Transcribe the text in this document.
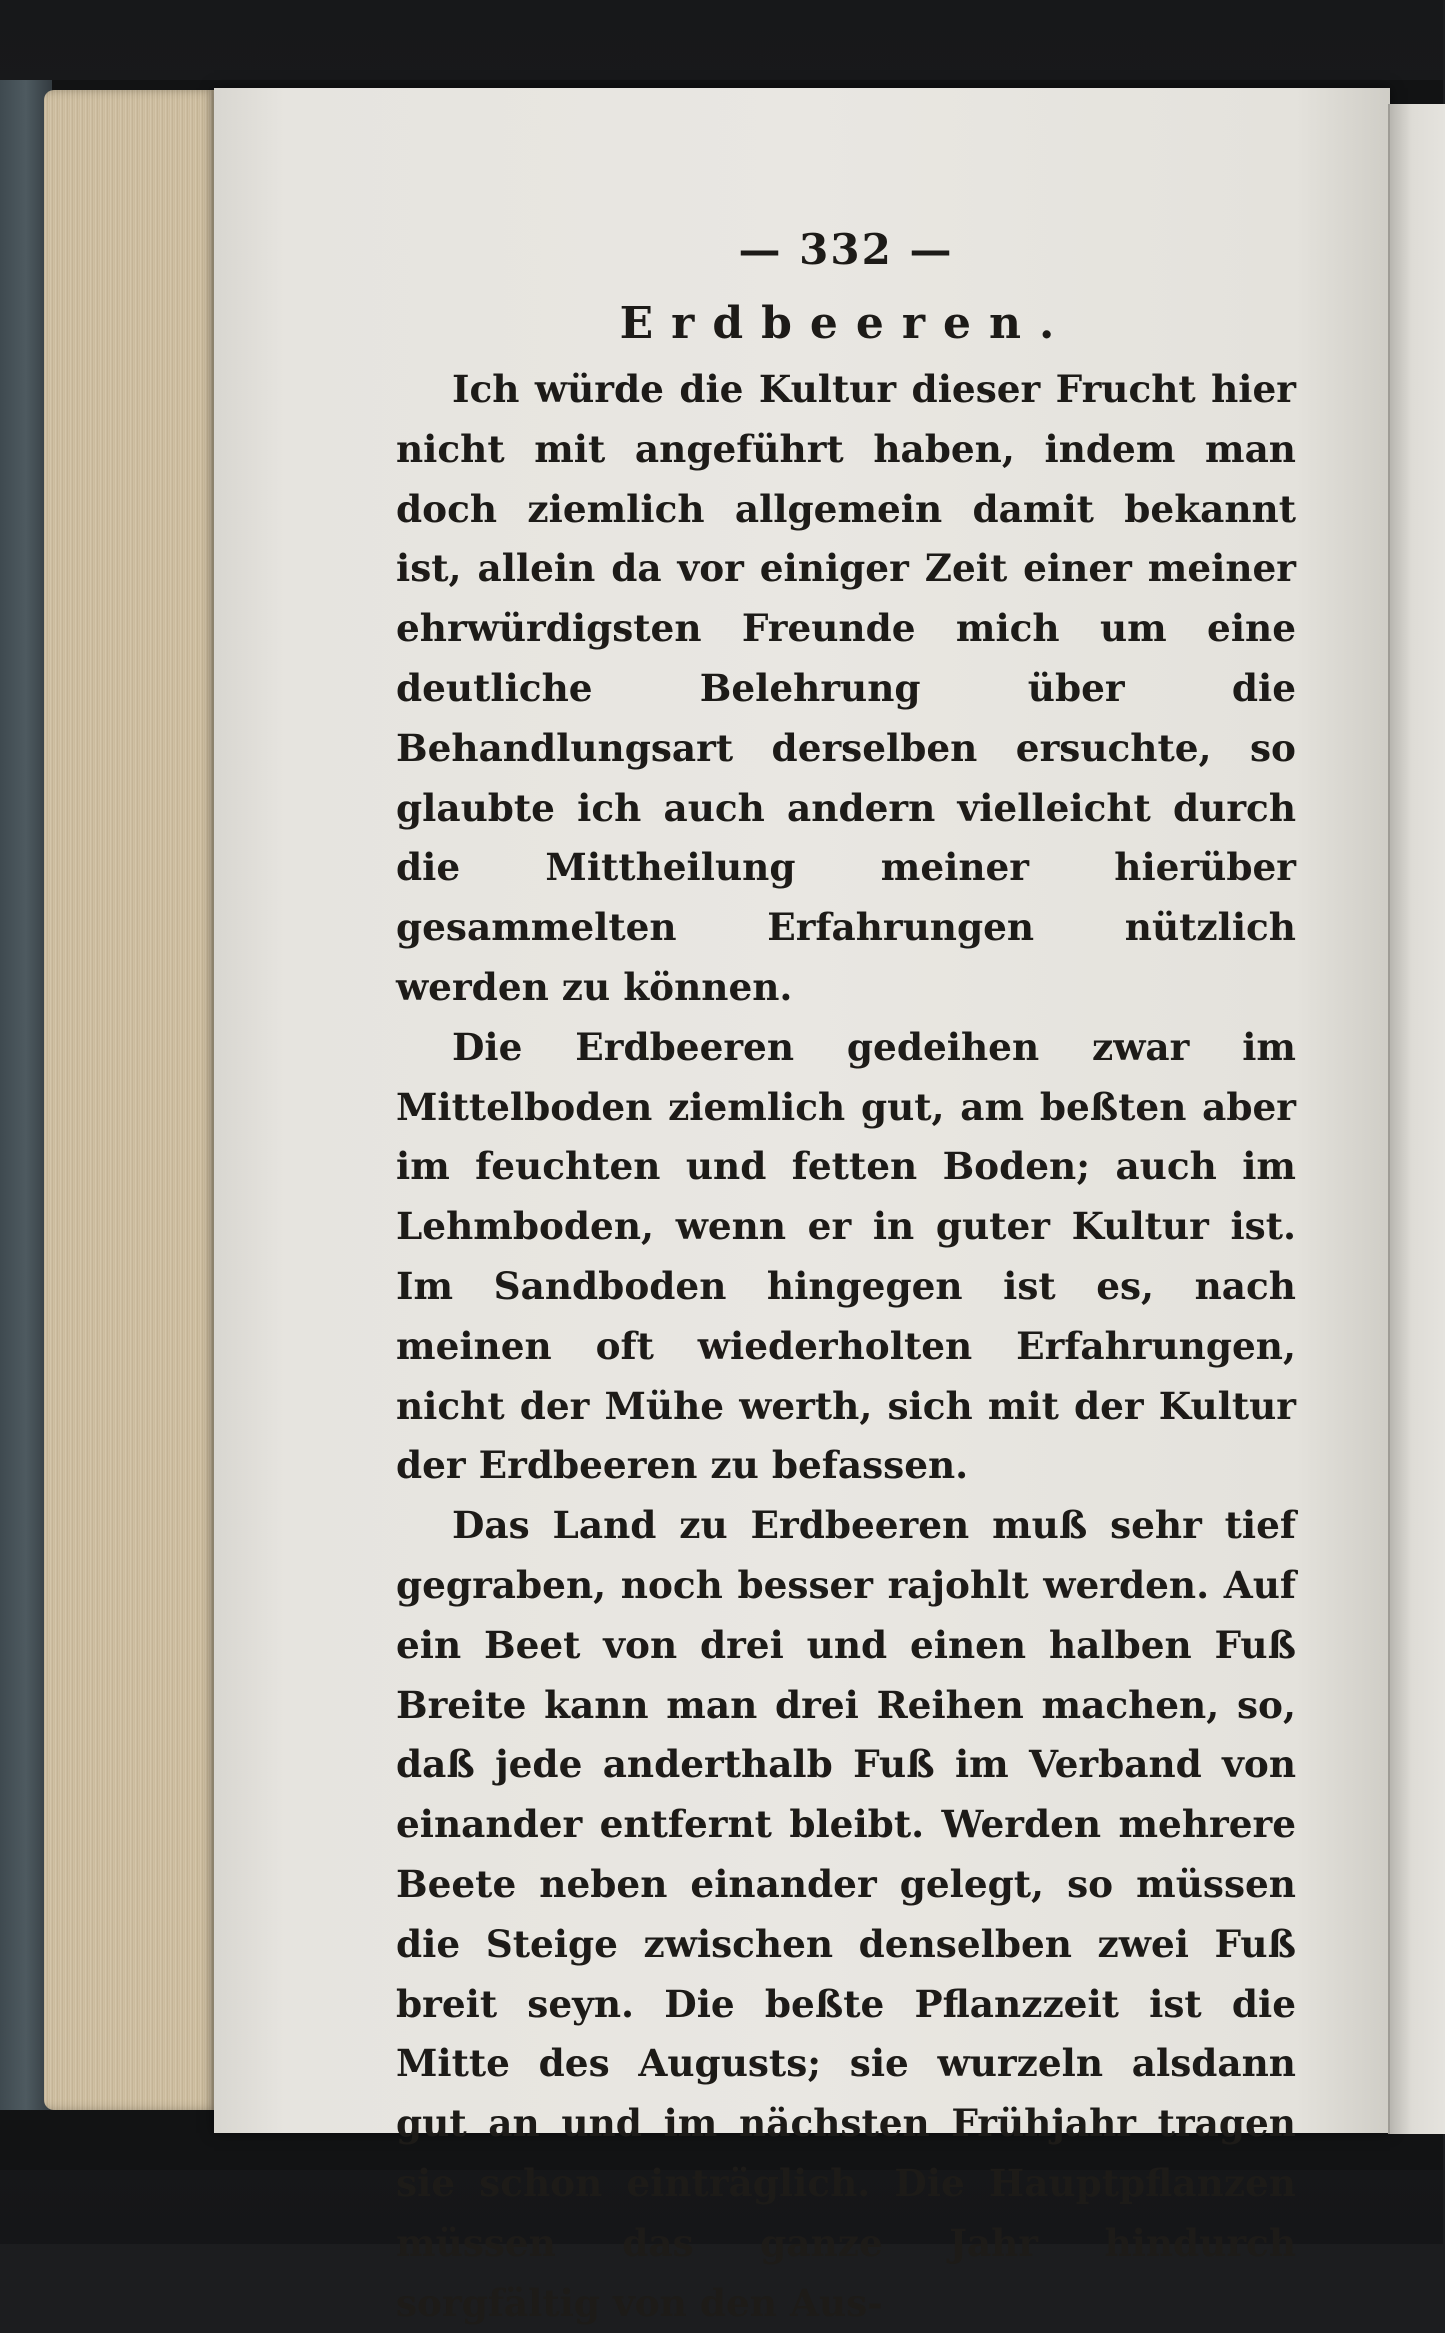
— 332 —
Erdbeeren.

Ich würde die Kultur dieser Frucht hier nicht mit angeführt haben, indem man doch ziemlich allgemein damit bekannt ist, allein da vor einiger Zeit einer meiner ehrwürdigsten Freunde mich um eine deutliche Belehrung über die Behandlungsart derselben ersuchte, so glaubte ich auch andern vielleicht durch die Mittheilung meiner hierüber gesammelten Erfahrungen nützlich werden zu können.

Die Erdbeeren gedeihen zwar im Mittelboden ziemlich gut, am beßten aber im feuchten und fetten Boden; auch im Lehmboden, wenn er in guter Kultur ist. Im Sandboden hingegen ist es, nach meinen oft wiederholten Erfahrungen, nicht der Mühe werth, sich mit der Kultur der Erdbeeren zu befassen.

Das Land zu Erdbeeren muß sehr tief gegraben, noch besser rajohlt werden. Auf ein Beet von drei und einen halben Fuß Breite kann man drei Reihen machen, so, daß jede anderthalb Fuß im Verband von einander entfernt bleibt. Werden mehrere Beete neben einander gelegt, so müssen die Steige zwischen denselben zwei Fuß breit seyn. Die beßte Pflanzzeit ist die Mitte des Augusts; sie wurzeln alsdann gut an und im nächsten Frühjahr tragen sie schon einträglich. Die Hauptpflanzen müssen das ganze Jahr hindurch sorgfältig von den Aus-
